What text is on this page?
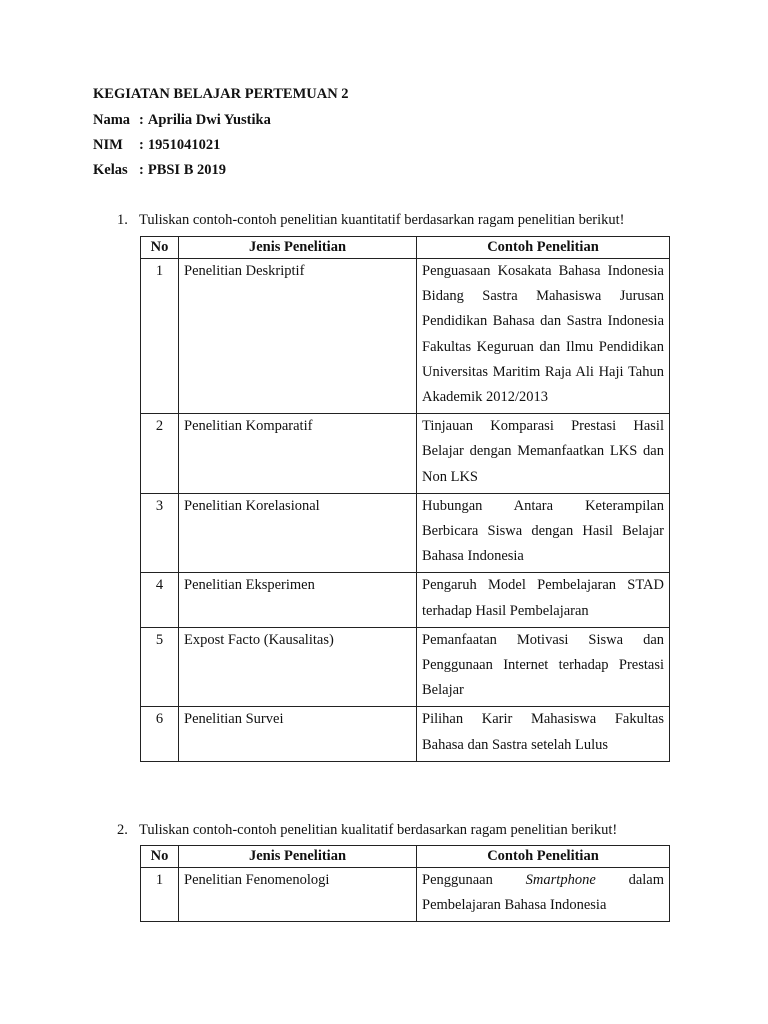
KEGIATAN BELAJAR PERTEMUAN 2
Nama : Aprilia Dwi Yustika
NIM : 1951041021
Kelas : PBSI B 2019
1. Tuliskan contoh-contoh penelitian kuantitatif berdasarkan ragam penelitian berikut!
No	Jenis Penelitian	Contoh Penelitian
1	Penelitian Deskriptif	Penguasaan Kosakata Bahasa Indonesia Bidang Sastra Mahasiswa Jurusan Pendidikan Bahasa dan Sastra Indonesia Fakultas Keguruan dan Ilmu Pendidikan Universitas Maritim Raja Ali Haji Tahun Akademik 2012/2013

2	Penelitian Komparatif	Tinjauan Komparasi Prestasi Hasil Belajar dengan Memanfaatkan LKS dan Non LKS
3	Penelitian Korelasional	Hubungan Antara Keterampilan Berbicara Siswa dengan Hasil Belajar Bahasa Indonesia
4	Penelitian Eksperimen	Pengaruh Model Pembelajaran STAD terhadap Hasil Pembelajaran
5	Expost Facto (Kausalitas)	Pemanfaatan Motivasi Siswa dan Penggunaan Internet terhadap Prestasi Belajar
6	Penelitian Survei	Pilihan Karir Mahasiswa Fakultas Bahasa dan Sastra setelah Lulus
2. Tuliskan contoh-contoh penelitian kualitatif berdasarkan ragam penelitian berikut!
No	Jenis Penelitian	Contoh Penelitian
1	Penelitian Fenomenologi	Penggunaan Smartphone dalam Pembelajaran Bahasa Indonesia
